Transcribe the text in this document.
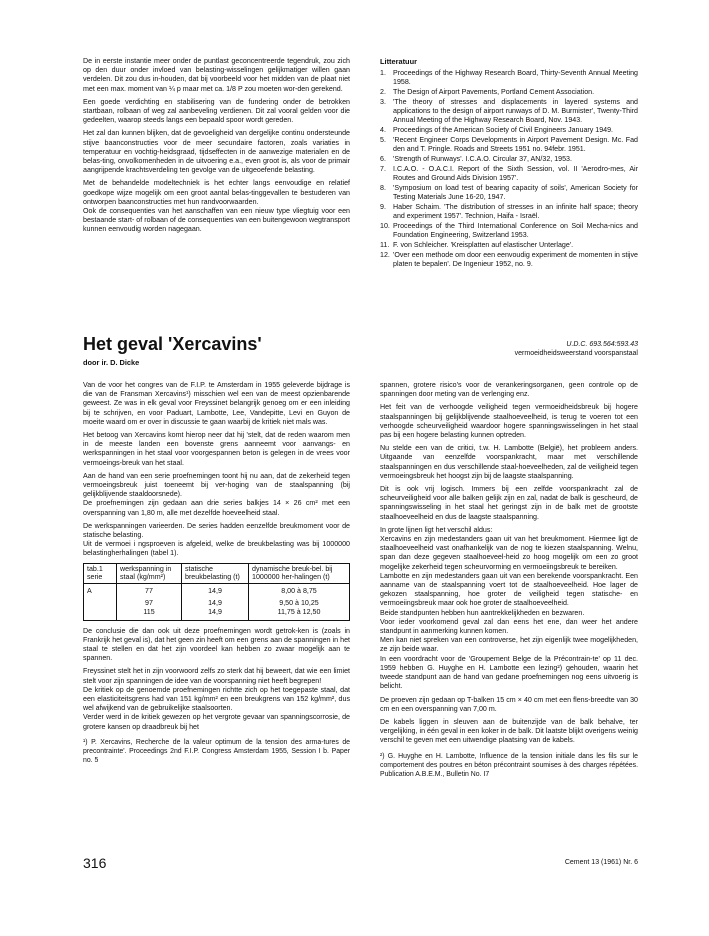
De in eerste instantie meer onder de puntlast geconcentreerde tegendruk, zou zich op den duur onder invloed van belasting-wisselingen gelijkmatiger willen gaan verdelen. Dit zou dus in-houden, dat bij voorbeeld voor het midden van de plaat niet met een max. moment van ¼ p maar met ca. 1/8 P zou moeten wor-den gerekend.

Een goede verdichting en stabilisering van de fundering onder de betrokken startbaan, rolbaan of weg zal aanbeveling verdienen. Dit zal vooral gelden voor die gedeelten, waarop steeds langs een bepaald spoor wordt gereden.

Het zal dan kunnen blijken, dat de gevoeligheid van dergelijke continu ondersteunde stijve baanconstructies voor de meer secundaire factoren, zoals variaties in temperatuur en vochtig-heidsgraad, tijdseffecten in de aanwezige materialen en de belas-ting, onvolkomenheden in de uitvoering e.a., even groot is, als voor de primair aangrijpende krachtsverdeling ten gevolge van de uitgeoefende belasting.

Met de behandelde modeltechniek is het echter langs eenvoudige en relatief goedkope wijze mogelijk om een groot aantal belas-tinggevallen te bestuderen van ontworpen baanconstructies met hun randvoorwaarden.

Ook de consequenties van het aanschaffen van een nieuw type vliegtuig voor een bestaande start- of rolbaan of de consequenties van een buitengewoon wegtransport kunnen eenvoudig worden nagegaan.

Litteratuur
1. Proceedings of the Highway Research Board, Thirty-Seventh Annual Meeting 1958.
2. The Design of Airport Pavements, Portland Cement Association.
3. 'The theory of stresses and displacements in layered systems and applications to the design of airport runways of D. M. Burmister', Twenty-Third Annual Meeting of the Highway Research Board, Nov. 1943.
4. Proceedings of the American Society of Civil Engineers January 1949.
5. 'Recent Engineer Corps Developments in Airport Pavement Design. Mc. Fad den and T. Pringle. Roads and Streets 1951 no. 94febr. 1951.
6. 'Strength of Runways'. I.C.A.O. Circular 37, AN/32, 1953.
7. I.C.A.O. - O.A.C.I. Report of the Sixth Session, vol. II 'Aerodro-mes, Air Routes and Ground Aids Division 1957'.
8. 'Symposium on load test of bearing capacity of soils', American Society for Testing Materials June 16-20, 1947.
9. Haber Schaim. 'The distribution of stresses in an infinite half space; theory and experiment 1957'. Technion, Haifa - Israël.
10. Proceedings of the Third International Conference on Soil Mecha-nics and Foundation Engineering, Switzerland 1953.
11. F. von Schleicher. 'Kreisplatten auf elastischer Unterlage'.
12. 'Over een methode om door een eenvoudig experiment de momenten in stijve platen te bepalen'. De Ingenieur 1952, no. 9.
Het geval 'Xercavins'
door ir. D. Dicke
U.D.C. 693.564:593.43
vermoeidheidsweerstand voorspanstaal

Van de voor het congres van de F.I.P. te Amsterdam in 1955 geleverde bijdrage is die van de Fransman Xercavins¹) misschien wel een van de meest opzienbarende geweest. Ze was in elk geval voor Freyssinet belangrijk genoeg om er een inleiding bij te schrijven, en voor Paduart, Lambotte, Lee, Vandepitte, Levi en Guyon de moeite waard om er over in discussie te gaan waarbij de kritiek niet mals was.

Het betoog van Xercavins komt hierop neer dat hij 'stelt, dat de reden waarom men in de meeste landen een bovenste grens aanneemt voor aanvangs- en werkspanningen in het staal voor voorgespannen beton is gelegen in de vrees voor vermoeings-breuk van het staal.

Aan de hand van een serie proefnemingen toont hij nu aan, dat de zekerheid tegen vermoeingsbreuk juist toeneemt bij ver-hoging van de staalspanning (bij gelijkblijvende staaldoorsnede).

De proefnemingen zijn gedaan aan drie series balkjes 14 × 26 cm² met een overspanning van 1,80 m, alle met dezelfde hoeveelheid staal.

De werkspanningen varieerden. De series hadden eenzelfde breukmoment voor de statische belasting.

Uit de vermoei i ngsproeven is afgeleid, welke de breukbelasting was bij 1000000 belastingherhalingen (tabel 1).

tab.1 serie	werkspanning in staal (kg/mm²)	statische breukbelasting (t)	dynamische breuk-bel. bij 1000000 her-halingen (t)
A	77	14,9	8,00 à 8,75
	97	14,9	9,50 à 10,25
	115	14,9	11,75 à 12,50

De conclusie die dan ook uit deze proefnemingen wordt getrok-ken is (zoals in Frankrijk het geval is), dat het geen zin heeft om een grens aan de spanningen in het staal te stellen en dat het zijn voordeel kan hebben zo zwaar mogelijk aan te spannen.

Freyssinet stelt het in zijn voorwoord zelfs zo sterk dat hij beweert, dat wie een limiet stelt voor zijn spanningen de idee van de voorspanning niet heeft begrepen!

De kritiek op de genoemde proefnemingen richtte zich op het toegepaste staal, dat een elasticiteitsgrens had van 151 kg/mm² en een breukgrens van 152 kg/mm², dus wel afwijkend van de gebruikelijke staalsoorten.

Verder werd in de kritiek gewezen op het vergrote gevaar van spanningscorrosie, de grotere kansen op draadbreuk bij het

¹) P. Xercavins, Recherche de la valeur optimum de la tension des arma-tures de precontrainte'. Proceedings 2nd F.I.P. Congress Amsterdam 1955, Session I b. Paper no. 5

spannen, grotere risico's voor de verankeringsorganen, geen controle op de spanningen door meting van de verlenging enz.

Het feit van de verhoogde veiligheid tegen vermoeidheidsbreuk bij hogere staalspanningen bij gelijkblijvende staalhoeveelheid, is terug te voeren tot een verhoogde scheurveiligheid waardoor hogere spanningswisselingen in het staal pas bij een hogere belasting kunnen optreden.

Nu stelde een van de critici, t.w. H. Lambotte (België), het probleem anders. Uitgaande van eenzelfde voorspankracht, maar met verschillende staalspanningen en dus verschillende staal-hoeveelheden, zal de veiligheid tegen vermoeingsbreuk het hoogst zijn bij de laagste staalspanning.

Dit is ook vrij logisch. Immers bij een zelfde voorspankracht zal de scheurveiligheid voor alle balken gelijk zijn en zal, nadat de balk is gescheurd, de spanningswisseling in het staal het geringst zijn in de balk met de grootste staalhoeveelheid en dus de laagste staalspanning.

In grote lijnen ligt het verschil aldus:

Xercavins en zijn medestanders gaan uit van het breukmoment. Hiermee ligt de staalhoeveelheid vast onafhankelijk van de nog te kiezen staalspanning. Welnu, span dan deze gegeven staalhoeveel-heid zo hoog mogelijk om een zo groot mogelijke zekerheid tegen scheurvorming en vermoeiingsbreuk te bereiken.

Lambotte en zijn medestanders gaan uit van een berekende voorspankracht. Een aanname van de staalspanning voert tot de staalhoeveelheid. Hoe lager de gekozen staalspanning, hoe groter de veiligheid tegen statische- en vermoeiingsbreuk maar ook hoe groter de staalhoeveelheid.

Beide standpunten hebben hun aantrekkelijkheden en bezwaren.

Voor ieder voorkomend geval zal dan eens het ene, dan weer het andere standpunt in aanmerking kunnen komen.

Men kan niet spreken van een controverse, het zijn eigenlijk twee mogelijkheden, ze zijn beide waar.

In een voordracht voor de 'Groupement Belge de la Précontrain-te' op 11 dec. 1959 hebben G. Huyghe en H. Lambotte een lezing²) gehouden, waarin het tweede standpunt aan de hand van gedane proefnemingen nog eens uitvoerig is belicht.

De proeven zijn gedaan op T-balken 15 cm × 40 cm met een flens-breedte van 30 cm en een overspanning van 7,00 m.

De kabels liggen in sleuven aan de buitenzijde van de balk behalve, ter vergelijking, in één geval in een koker in de balk. Dit laatste blijkt overigens weinig verschil te geven met een uitwendige plaatsing van de kabels.

²) G. Huyghe en H. Lambotte, Influence de la tension initiale dans les fils sur le comportement des poutres en béton précontraint soumises à des charges répétées. Publication A.B.E.M., Bulletin No. I7
316	Cement 13 (1961) Nr. 6
